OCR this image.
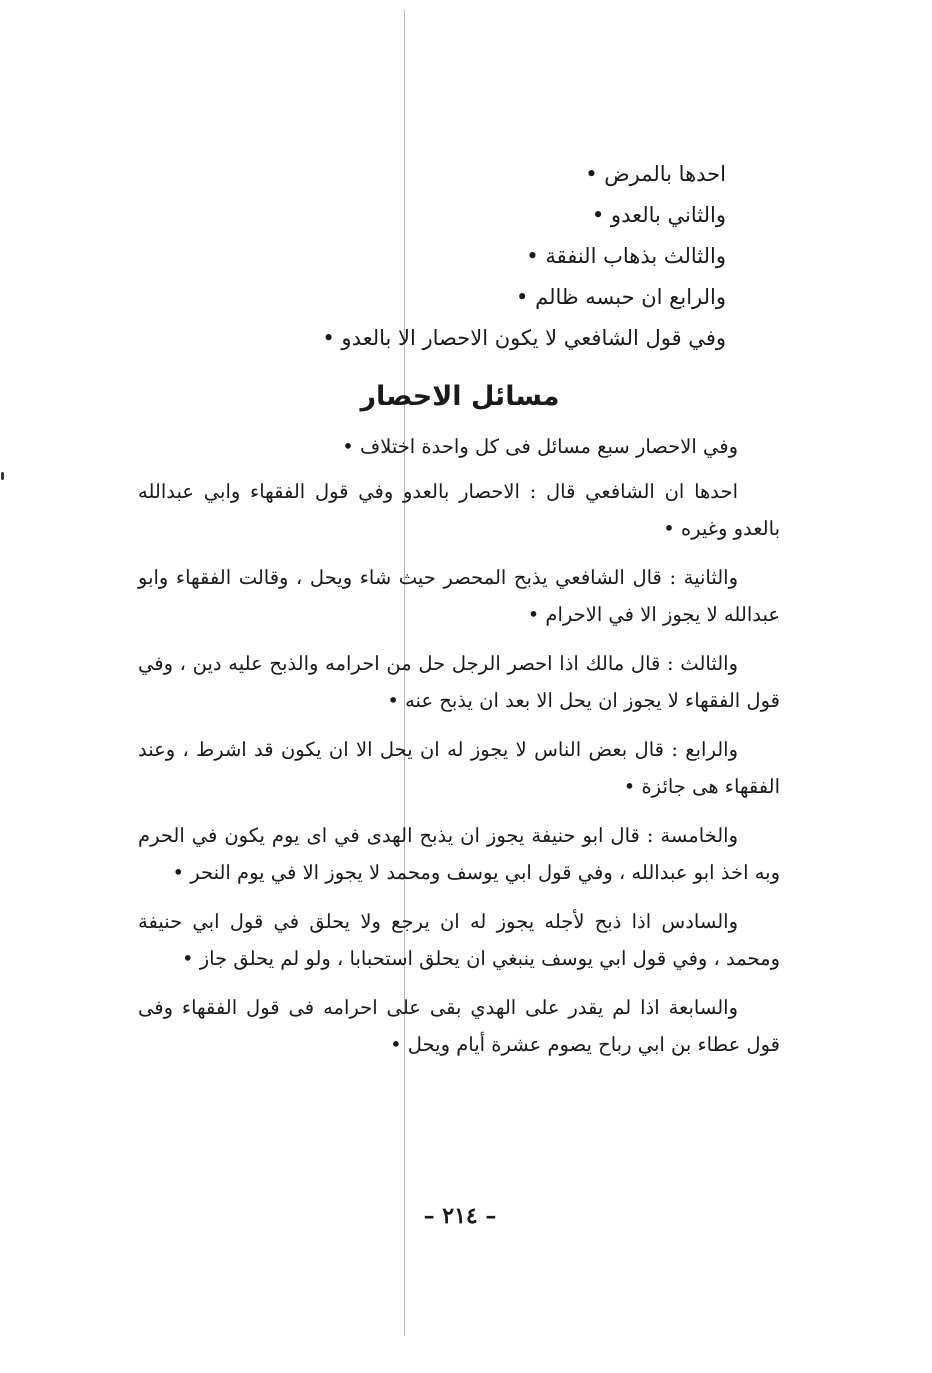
احدها بالمرض •
والثاني بالعدو •
والثالث بذهاب النفقة •
والرابع ان حبسه ظالم •
وفي قول الشافعي لا يكون الاحصار الا بالعدو •
مسائل الاحصار

وفي الاحصار سبع مسائل فى كل واحدة اختلاف •

احدها ان الشافعي قال : الاحصار بالعدو وفي قول الفقهاء وابي عبدالله بالعدو وغيره •

والثانية : قال الشافعي يذبح المحصر حيث شاء ويحل ، وقالت الفقهاء وابو عبدالله لا يجوز الا في الاحرام •

والثالث : قال مالك اذا احصر الرجل حل من احرامه والذبح عليه دين ، وفي قول الفقهاء لا يجوز ان يحل الا بعد ان يذبح عنه •

والرابع : قال بعض الناس لا يجوز له ان يحل الا ان يكون قد اشرط ، وعند الفقهاء هى جائزة •

والخامسة : قال ابو حنيفة يجوز ان يذبح الهدى في اى يوم يكون في الحرم وبه اخذ ابو عبدالله ، وفي قول ابي يوسف ومحمد لا يجوز الا في يوم النحر •

والسادس اذا ذبح لأجله يجوز له ان يرجع ولا يحلق في قول ابي حنيفة ومحمد ، وفي قول ابي يوسف ينبغي ان يحلق استحبابا ، ولو لم يحلق جاز •

والسابعة اذا لم يقدر على الهدي بقى على احرامه فى قول الفقهاء وفى قول عطاء بن ابي رباح يصوم عشرة أيام ويحل •

– ٢١٤ –
